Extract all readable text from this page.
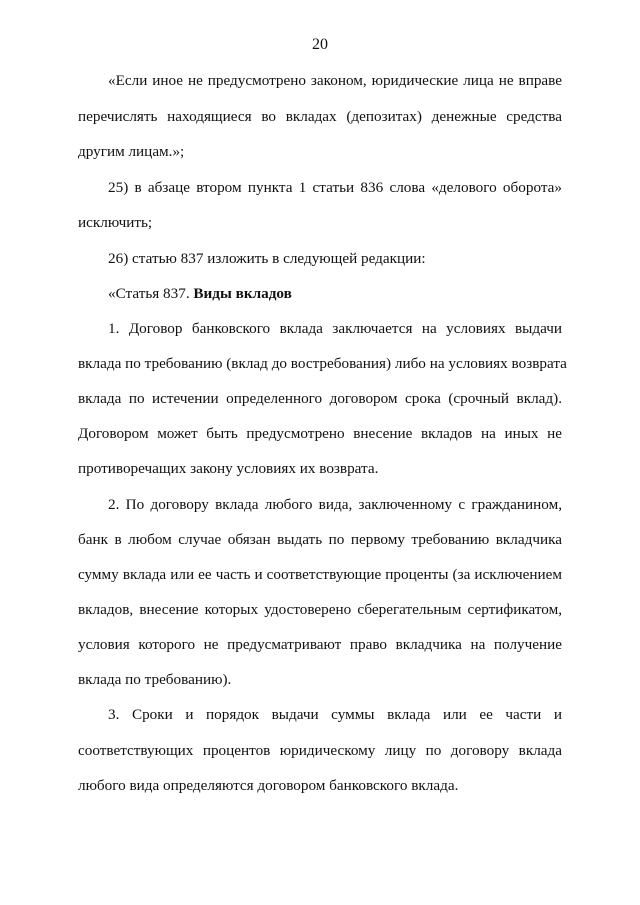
20
«Если иное не предусмотрено законом, юридические лица не вправе
перечислять находящиеся во вкладах (депозитах) денежные средства
другим лицам.»;
25) в абзаце втором пункта 1 статьи 836 слова «делового оборота»
исключить;
26) статью 837 изложить в следующей редакции:
«Статья 837. Виды вкладов
1. Договор банковского вклада заключается на условиях выдачи
вклада по требованию (вклад до востребования) либо на условиях возврата
вклада по истечении определенного договором срока (срочный вклад).
Договором может быть предусмотрено внесение вкладов на иных не
противоречащих закону условиях их возврата.
2. По договору вклада любого вида, заключенному с гражданином,
банк в любом случае обязан выдать по первому требованию вкладчика
сумму вклада или ее часть и соответствующие проценты (за исключением
вкладов, внесение которых удостоверено сберегательным сертификатом,
условия которого не предусматривают право вкладчика на получение
вклада по требованию).
3. Сроки и порядок выдачи суммы вклада или ее части и
соответствующих процентов юридическому лицу по договору вклада
любого вида определяются договором банковского вклада.
